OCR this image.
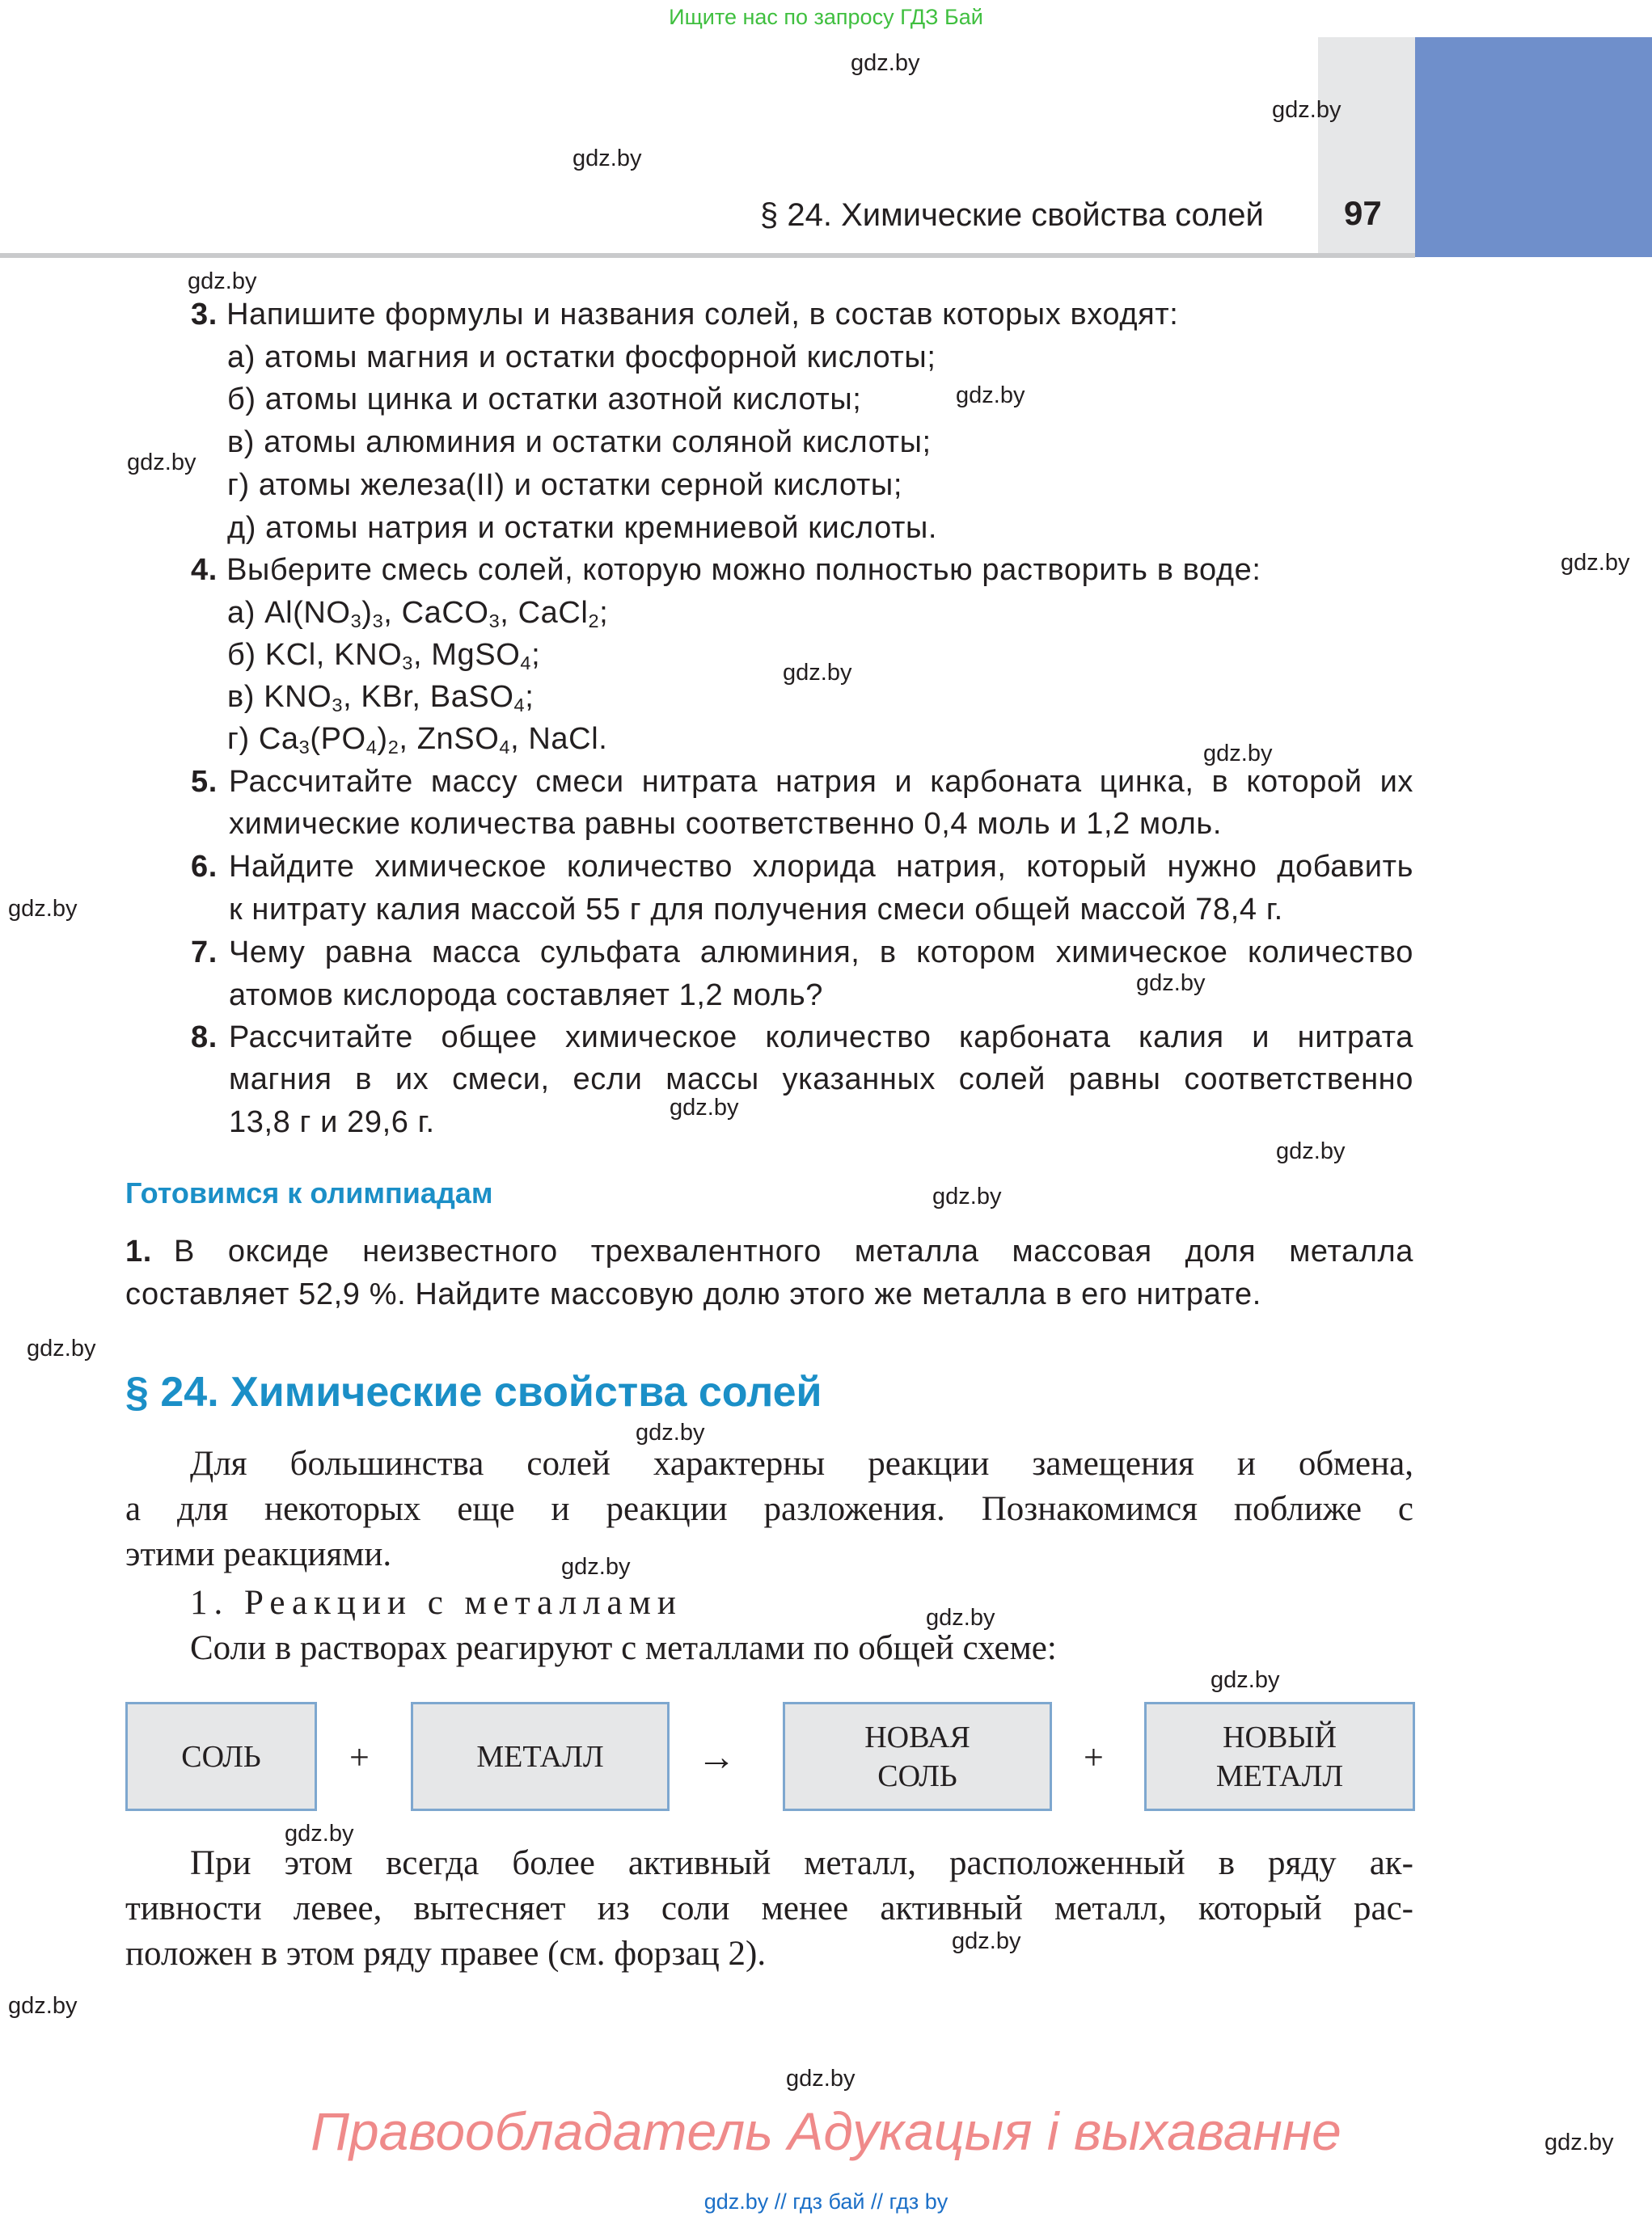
Ищите нас по запросу ГДЗ Бай
§ 24. Химические свойства солей 97
gdz.by
gdz.by
gdz.by
gdz.by
gdz.by
gdz.by
gdz.by
gdz.by
gdz.by
gdz.by
gdz.by
gdz.by
gdz.by
gdz.by
gdz.by
gdz.by
gdz.by
gdz.by
gdz.by
gdz.by
gdz.by
gdz.by
gdz.by
gdz.by
3. Напишите формулы и названия солей, в состав которых входят:
а) атомы магния и остатки фосфорной кислоты;
б) атомы цинка и остатки азотной кислоты;
в) атомы алюминия и остатки соляной кислоты;
г) атомы железа(II) и остатки серной кислоты;
д) атомы натрия и остатки кремниевой кислоты.
4. Выберите смесь солей, которую можно полностью растворить в воде:
а) $Al(NO_3)_3$, CaCO$_3$, CaCl$_2$;
б) KCl, $KNO_3$, MgSO$_4$;
в) $KNO_3$, KBr, BaSO$_4$;
г) $Ca_3(PO_4)_2$, ZnSO$_4$, NaCl.
5. Рассчитайте массу смеси нитрата натрия и карбоната цинка, в которой их
химические количества равны соответственно 0,4 моль и 1,2 моль.
6. Найдите химическое количество хлорида натрия, который нужно добавить
к нитрату калия массой 55 г для получения смеси общей массой 78,4 г.
7. Чему равна масса сульфата алюминия, в котором химическое количество
атомов кислорода составляет 1,2 моль?
8. Рассчитайте общее химическое количество карбоната калия и нитрата
магния в их смеси, если массы указанных солей равны соответственно
13,8 г и 29,6 г.
Готовимся к олимпиадам
1. В оксиде неизвестного трехвалентного металла массовая доля металла
составляет 52,9 %. Найдите массовую долю этого же металла в его нитрате.
§ 24. Химические свойства солей
Для большинства солей характерны реакции замещения и обмена,
а для некоторых еще и реакции разложения. Познакомимся поближе с
этими реакциями.
1. Реакции с металлами
Соли в растворах реагируют с металлами по общей схеме:
СОЛЬ +	МЕТАЛЛ →	НОВАЯ
СОЛЬ	+
НОВЫЙ
МЕТАЛЛ
При этом всегда более активный металл, расположенный в ряду ак-
тивности левее, вытесняет из соли менее активный металл, который рас-
положен в этом ряду правее (см. форзац 2).
Правообладатель Адукацыя і выхаванне
gdz.by // гдз бай // гдз by
